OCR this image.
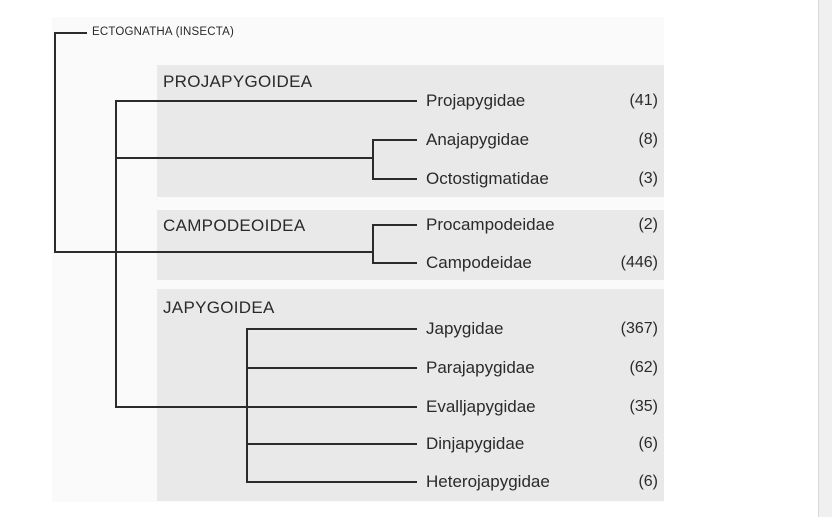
ECTOGNATHA (INSECTA)
PROJAPYGOIDEA
CAMPODEOIDEA
JAPYGOIDEA
Projapygidae
Anajapygidae
Octostigmatidae
Procampodeidae
Campodeidae
Japygidae
Parajapygidae
Evalljapygidae
Dinjapygidae
Heterojapygidae
(41)
(8)
(3)
(2)
(446)
(367)
(62)
(35)
(6)
(6)
